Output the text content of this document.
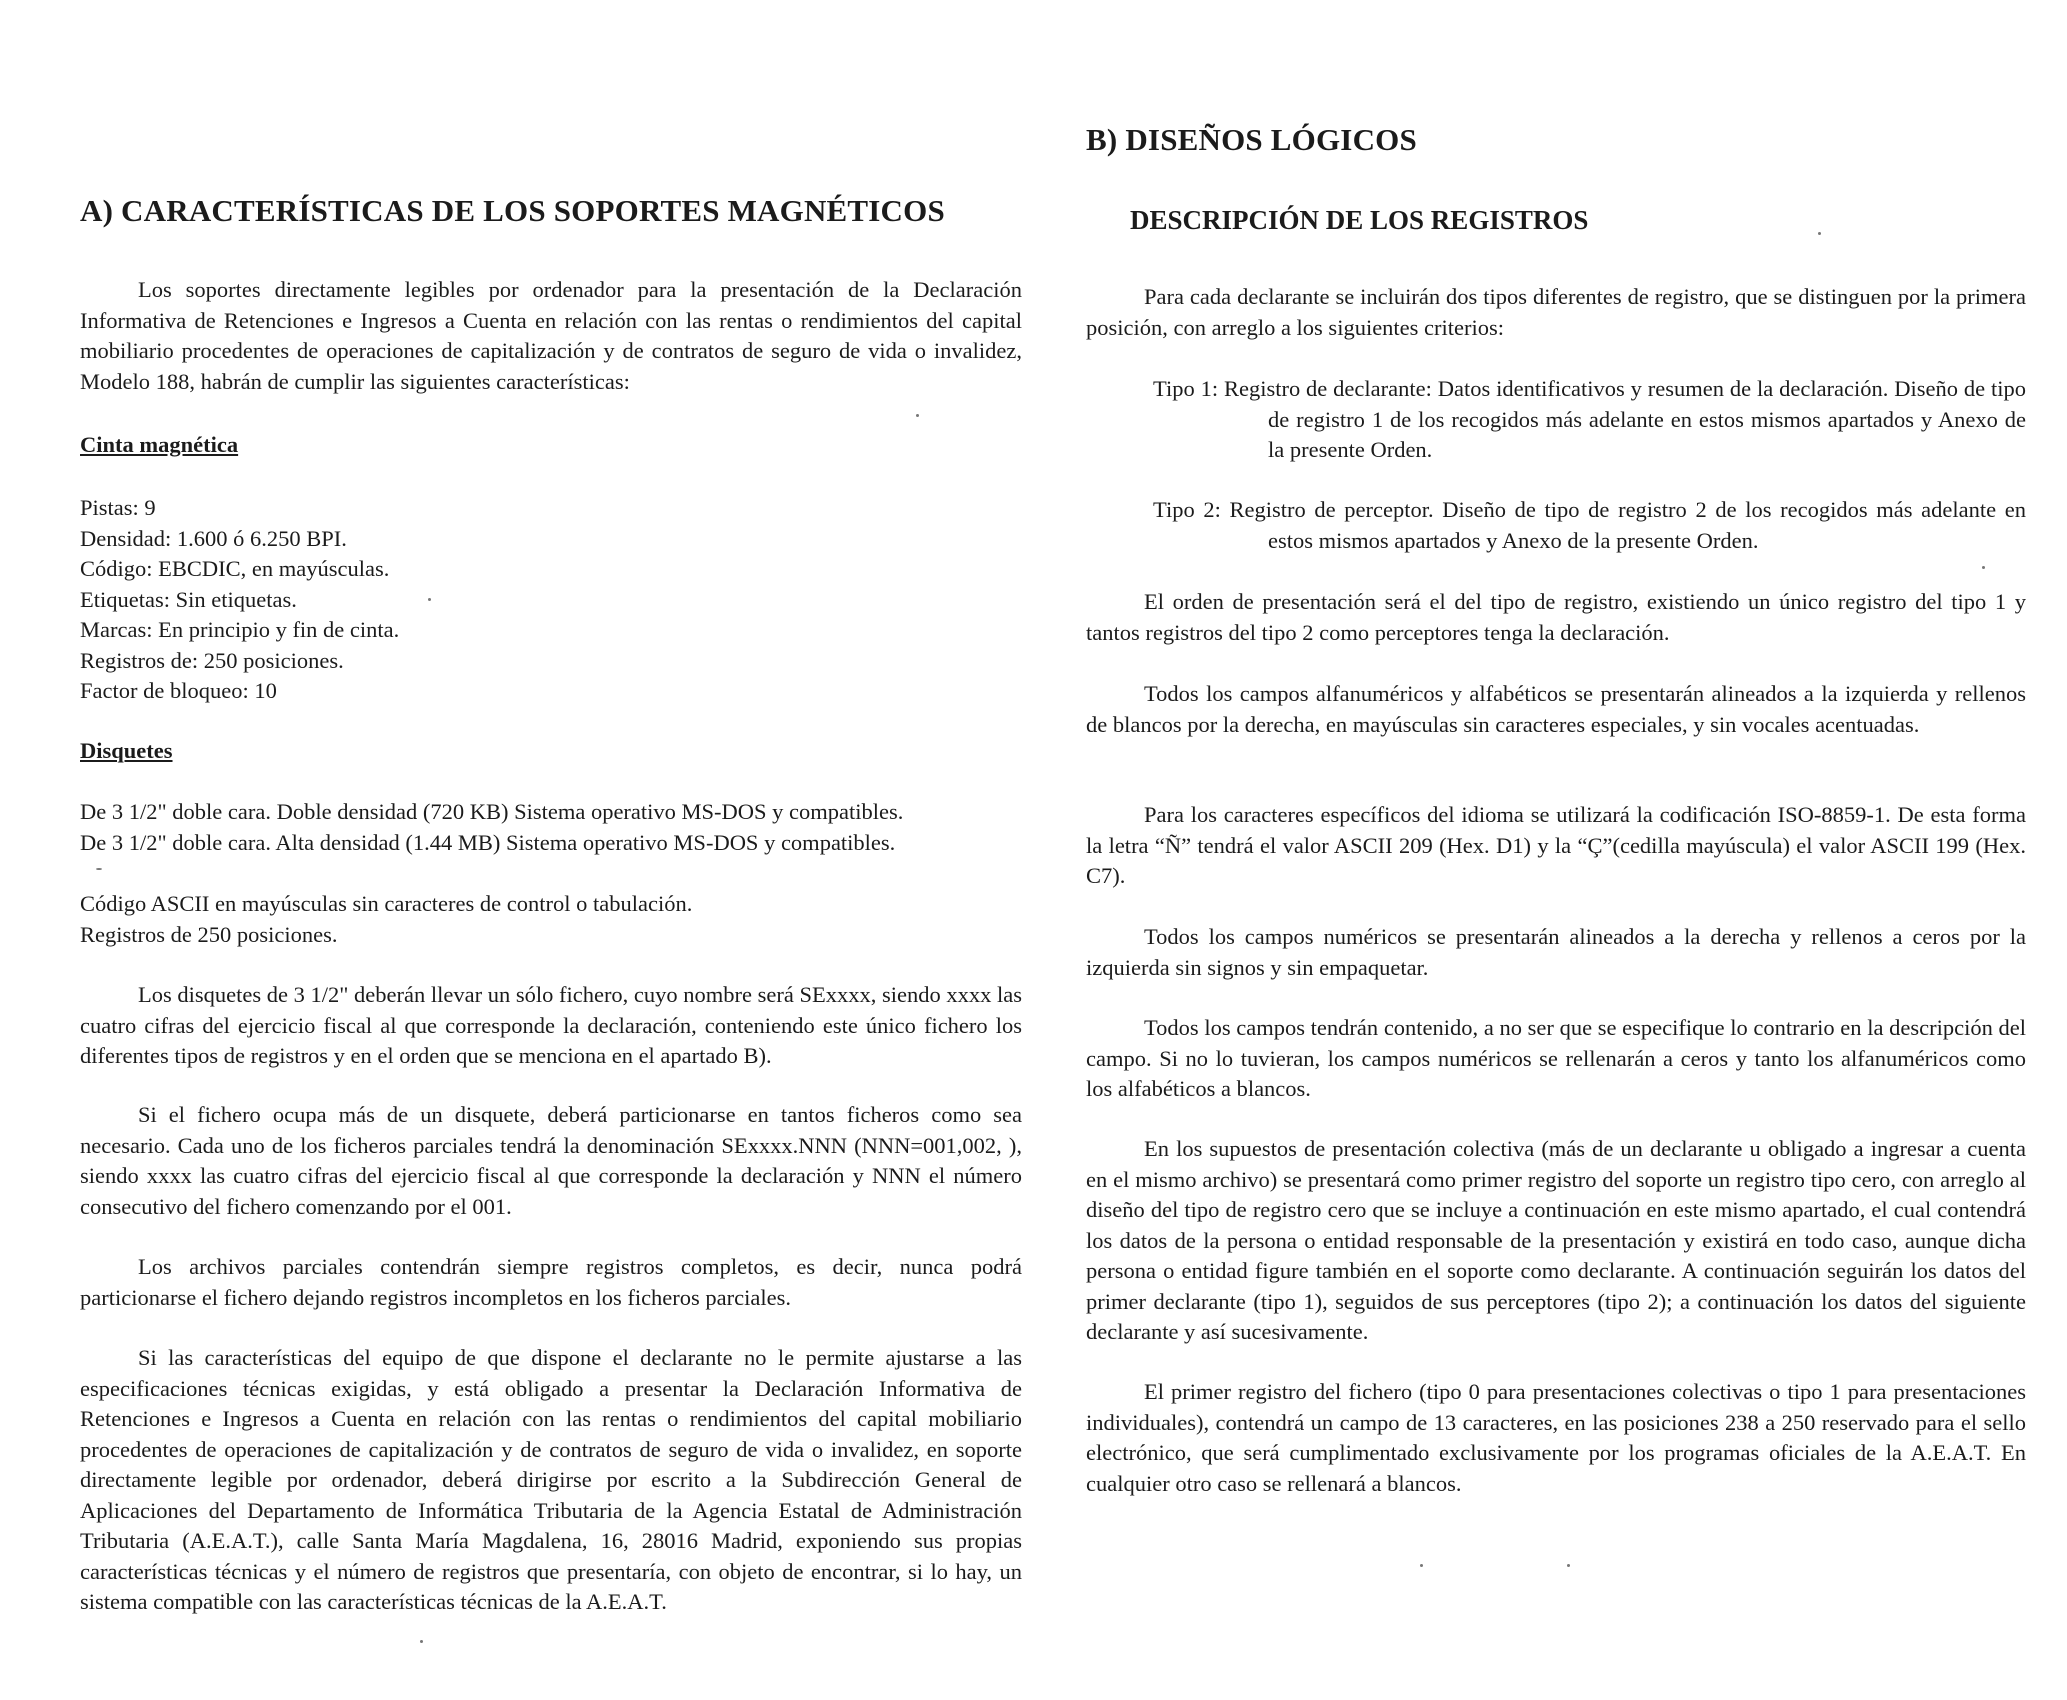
A) CARACTERÍSTICAS DE LOS SOPORTES MAGNÉTICOS

Los soportes directamente legibles por ordenador para la presentación de la Declaración Informativa de Retenciones e Ingresos a Cuenta en relación con las rentas o rendimientos del capital mobiliario procedentes de operaciones de capitalización y de contratos de seguro de vida o invalidez, Modelo 188, habrán de cumplir las siguientes características:

Cinta magnética
Pistas: 9
Densidad: 1.600 ó 6.250 BPI.
Código: EBCDIC, en mayúsculas.
Etiquetas: Sin etiquetas.
Marcas: En principio y fin de cinta.
Registros de: 250 posiciones.
Factor de bloqueo: 10
Disquetes
De 3 1/2" doble cara. Doble densidad (720 KB) Sistema operativo MS-DOS y compatibles.
De 3 1/2" doble cara. Alta densidad (1.44 MB) Sistema operativo MS-DOS y compatibles.
Código ASCII en mayúsculas sin caracteres de control o tabulación.
Registros de 250 posiciones.

Los disquetes de 3 1/2" deberán llevar un sólo fichero, cuyo nombre será SExxxx, siendo xxxx las cuatro cifras del ejercicio fiscal al que corresponde la declaración, conteniendo este único fichero los diferentes tipos de registros y en el orden que se menciona en el apartado B).

Si el fichero ocupa más de un disquete, deberá particionarse en tantos ficheros como sea necesario. Cada uno de los ficheros parciales tendrá la denominación SExxxx.NNN (NNN=001,002, ), siendo xxxx las cuatro cifras del ejercicio fiscal al que corresponde la declaración y NNN el número consecutivo del fichero comenzando por el 001.

Los archivos parciales contendrán siempre registros completos, es decir, nunca podrá particionarse el fichero dejando registros incompletos en los ficheros parciales.

Si las características del equipo de que dispone el declarante no le permite ajustarse a las especificaciones técnicas exigidas, y está obligado a presentar la Declaración Informativa de Retenciones e Ingresos a Cuenta en relación con las rentas o rendimientos del capital mobiliario procedentes de operaciones de capitalización y de contratos de seguro de vida o invalidez, en soporte directamente legible por ordenador, deberá dirigirse por escrito a la Subdirección General de Aplicaciones del Departamento de Informática Tributaria de la Agencia Estatal de Administración Tributaria (A.E.A.T.), calle Santa María Magdalena, 16, 28016 Madrid, exponiendo sus propias características técnicas y el número de registros que presentaría, con objeto de encontrar, si lo hay, un sistema compatible con las características técnicas de la A.E.A.T.

B) DISEÑOS LÓGICOS
DESCRIPCIÓN DE LOS REGISTROS

Para cada declarante se incluirán dos tipos diferentes de registro, que se distinguen por la primera posición, con arreglo a los siguientes criterios:

Tipo 1: Registro de declarante: Datos identificativos y resumen de la declaración. Diseño de tipo de registro 1 de los recogidos más adelante en estos mismos apartados y Anexo de la presente Orden.

Tipo 2: Registro de perceptor. Diseño de tipo de registro 2 de los recogidos más adelante en estos mismos apartados y Anexo de la presente Orden.

El orden de presentación será el del tipo de registro, existiendo un único registro del tipo 1 y tantos registros del tipo 2 como perceptores tenga la declaración.

Todos los campos alfanuméricos y alfabéticos se presentarán alineados a la izquierda y rellenos de blancos por la derecha, en mayúsculas sin caracteres especiales, y sin vocales acentuadas.

Para los caracteres específicos del idioma se utilizará la codificación ISO-8859-1. De esta forma la letra “Ñ” tendrá el valor ASCII 209 (Hex. D1) y la “Ç”(cedilla mayúscula) el valor ASCII 199 (Hex. C7).

Todos los campos numéricos se presentarán alineados a la derecha y rellenos a ceros por la izquierda sin signos y sin empaquetar.

Todos los campos tendrán contenido, a no ser que se especifique lo contrario en la descripción del campo. Si no lo tuvieran, los campos numéricos se rellenarán a ceros y tanto los alfanuméricos como los alfabéticos a blancos.

En los supuestos de presentación colectiva (más de un declarante u obligado a ingresar a cuenta en el mismo archivo) se presentará como primer registro del soporte un registro tipo cero, con arreglo al diseño del tipo de registro cero que se incluye a continuación en este mismo apartado, el cual contendrá los datos de la persona o entidad responsable de la presentación y existirá en todo caso, aunque dicha persona o entidad figure también en el soporte como declarante. A continuación seguirán los datos del primer declarante (tipo 1), seguidos de sus perceptores (tipo 2); a continuación los datos del siguiente declarante y así sucesivamente.

El primer registro del fichero (tipo 0 para presentaciones colectivas o tipo 1 para presentaciones individuales), contendrá un campo de 13 caracteres, en las posiciones 238 a 250 reservado para el sello electrónico, que será cumplimentado exclusivamente por los programas oficiales de la A.E.A.T. En cualquier otro caso se rellenará a blancos.
